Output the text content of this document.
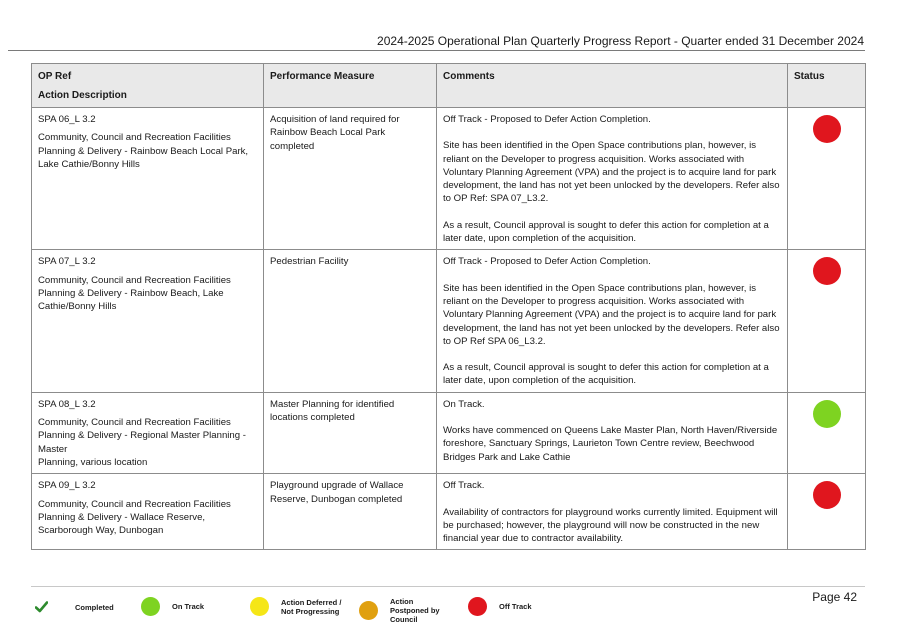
2024-2025 Operational Plan Quarterly Progress Report - Quarter ended 31 December 2024
OP Ref
Action Description	Performance Measure	Comments	Status

SPA 06_L 3.2
Community, Council and Recreation Facilities Planning & Delivery - Rainbow Beach Local Park, Lake Cathie/Bonny Hills	Acquisition of land required for Rainbow Beach Local Park completed	Off Track - Proposed to Defer Action Completion.
Site has been identified in the Open Space contributions plan, however, is reliant on the Developer to progress acquisition. Works associated with Voluntary Planning Agreement (VPA) and the project is to acquire land for park development, the land has not yet been unlocked by the developers. Refer also to OP Ref: SPA 07_L3.2.
As a result, Council approval is sought to defer this action for completion at a later date, upon completion of the acquisition.	

SPA 07_L 3.2
Community, Council and Recreation Facilities Planning & Delivery - Rainbow Beach, Lake Cathie/Bonny Hills	Pedestrian Facility	Off Track - Proposed to Defer Action Completion.
Site has been identified in the Open Space contributions plan, however, is reliant on the Developer to progress acquisition. Works associated with Voluntary Planning Agreement (VPA) and the project is to acquire land for park development, the land has not yet been unlocked by the developers. Refer also to OP Ref SPA 06_L3.2.
As a result, Council approval is sought to defer this action for completion at a later date, upon completion of the acquisition.	

SPA 08_L 3.2
Community, Council and Recreation Facilities Planning & Delivery - Regional Master Planning - Master
Planning, various location	Master Planning for identified locations completed	On Track.
Works have commenced on Queens Lake Master Plan, North Haven/Riverside foreshore, Sanctuary Springs, Laurieton Town Centre review, Beechwood Bridges Park and Lake Cathie	

SPA 09_L 3.2
Community, Council and Recreation Facilities Planning & Delivery - Wallace Reserve, Scarborough Way, Dunbogan	Playground upgrade of Wallace Reserve, Dunbogan completed	Off Track.
Availability of contractors for playground works currently limited. Equipment will be purchased; however, the playground will now be constructed in the new financial year due to contractor availability.	

Completed	On Track	Action Deferred / Not Progressing
Action Postponed by Council
Off Track
Page 42
